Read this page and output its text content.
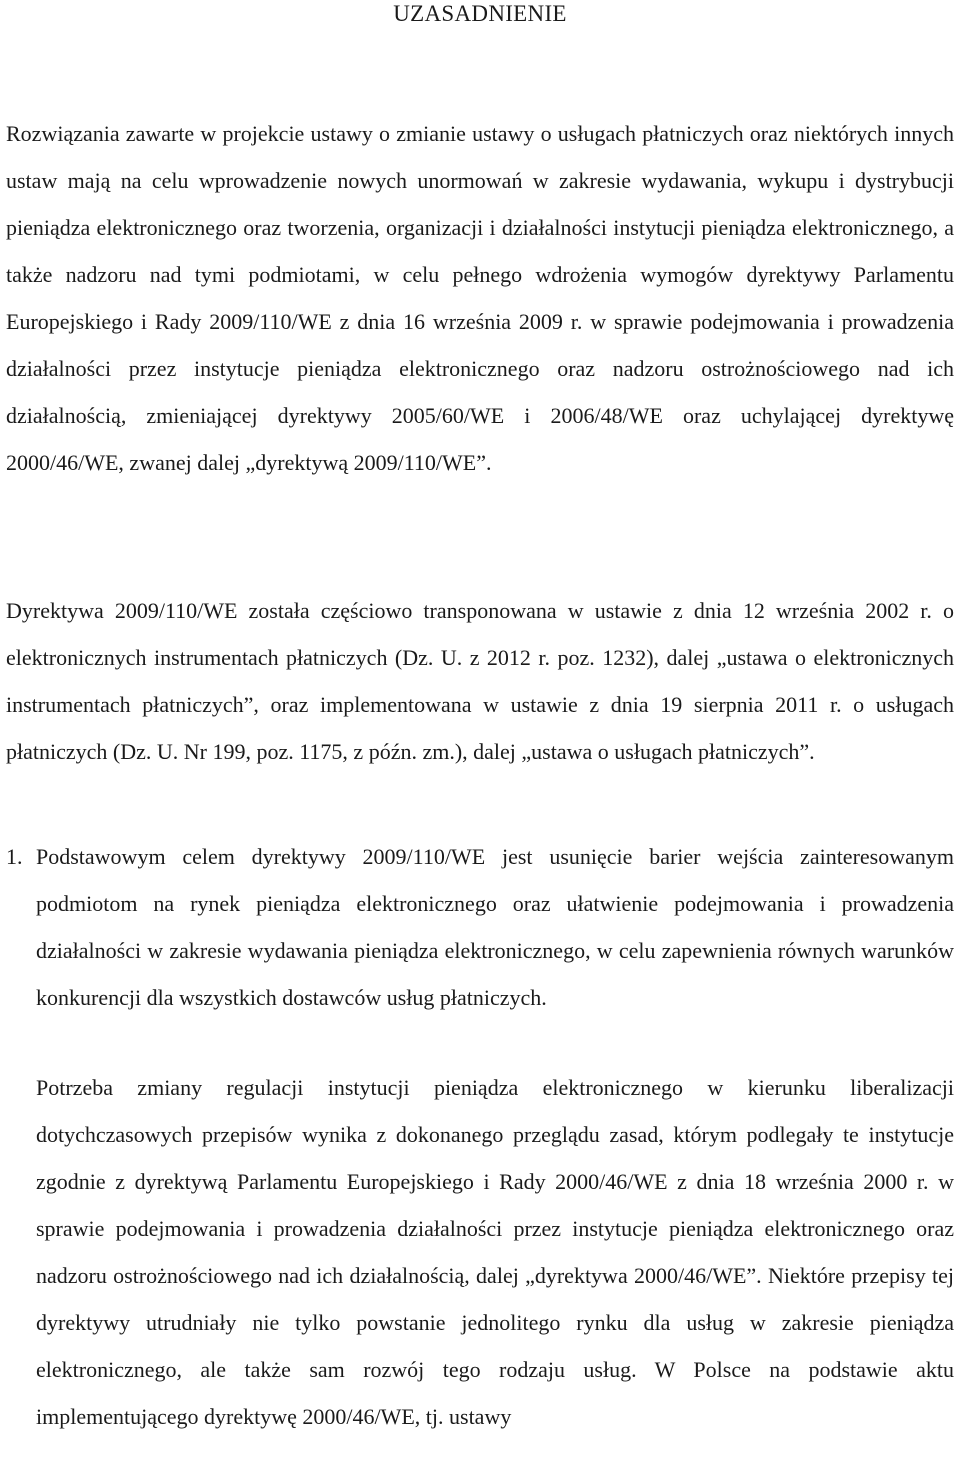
UZASADNIENIE

Rozwiązania zawarte w projekcie ustawy o zmianie ustawy o usługach płatniczych oraz niektórych innych ustaw mają na celu wprowadzenie nowych unormowań w zakresie wydawania, wykupu i dystrybucji pieniądza elektronicznego oraz tworzenia, organizacji i działalności instytucji pieniądza elektronicznego, a także nadzoru nad tymi podmiotami, w celu pełnego wdrożenia wymogów dyrektywy Parlamentu Europejskiego i Rady 2009/110/WE z dnia 16 września 2009 r. w sprawie podejmowania i prowadzenia działalności przez instytucje pieniądza elektronicznego oraz nadzoru ostrożnościowego nad ich działalnością, zmieniającej dyrektywy 2005/60/WE i 2006/48/WE oraz uchylającej dyrektywę 2000/46/WE, zwanej dalej „dyrektywą 2009/110/WE”.

Dyrektywa 2009/110/WE została częściowo transponowana w ustawie z dnia 12 września 2002 r. o elektronicznych instrumentach płatniczych (Dz. U. z 2012 r. poz. 1232), dalej „ustawa o elektronicznych instrumentach płatniczych”, oraz implementowana w ustawie z dnia 19 sierpnia 2011 r. o usługach płatniczych (Dz. U. Nr 199, poz. 1175, z późn. zm.), dalej „ustawa o usługach płatniczych”.

1. Podstawowym celem dyrektywy 2009/110/WE jest usunięcie barier wejścia zainteresowanym podmiotom na rynek pieniądza elektronicznego oraz ułatwienie podejmowania i prowadzenia działalności w zakresie wydawania pieniądza elektronicznego, w celu zapewnienia równych warunków konkurencji dla wszystkich dostawców usług płatniczych.

Potrzeba zmiany regulacji instytucji pieniądza elektronicznego w kierunku liberalizacji dotychczasowych przepisów wynika z dokonanego przeglądu zasad, którym podlegały te instytucje zgodnie z dyrektywą Parlamentu Europejskiego i Rady 2000/46/WE z dnia 18 września 2000 r. w sprawie podejmowania i prowadzenia działalności przez instytucje pieniądza elektronicznego oraz nadzoru ostrożnościowego nad ich działalnością, dalej „dyrektywa 2000/46/WE”. Niektóre przepisy tej dyrektywy utrudniały nie tylko powstanie jednolitego rynku dla usług w zakresie pieniądza elektronicznego, ale także sam rozwój tego rodzaju usług. W Polsce na podstawie aktu implementującego dyrektywę 2000/46/WE, tj. ustawy
